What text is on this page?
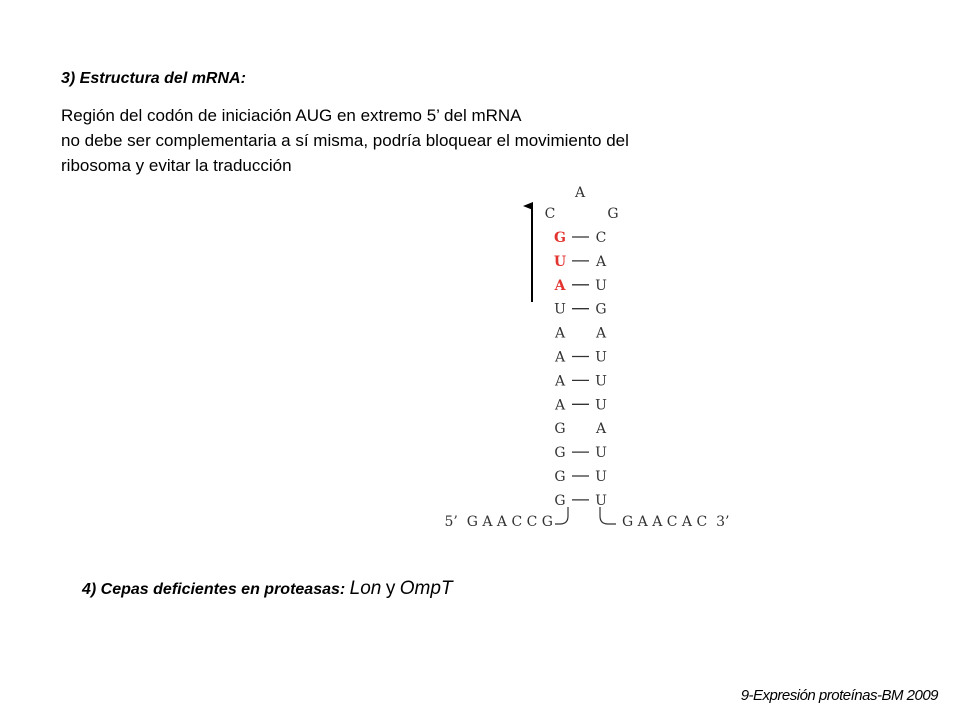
3) Estructura del mRNA:
Región del codón de iniciación AUG en extremo 5’ del mRNA
no debe ser complementaria a sí misma, podría bloquear el movimiento del
ribosoma y evitar la traducción
A
C	G
G C
U A
A U
U G
A A
A U
A U
A U
G A
G U
G U
G U
5’  G A A C C G	G A A C A C  3’
4) Cepas deficientes en proteasas: Lon y OmpT
9-Expresión proteínas-BM 2009
